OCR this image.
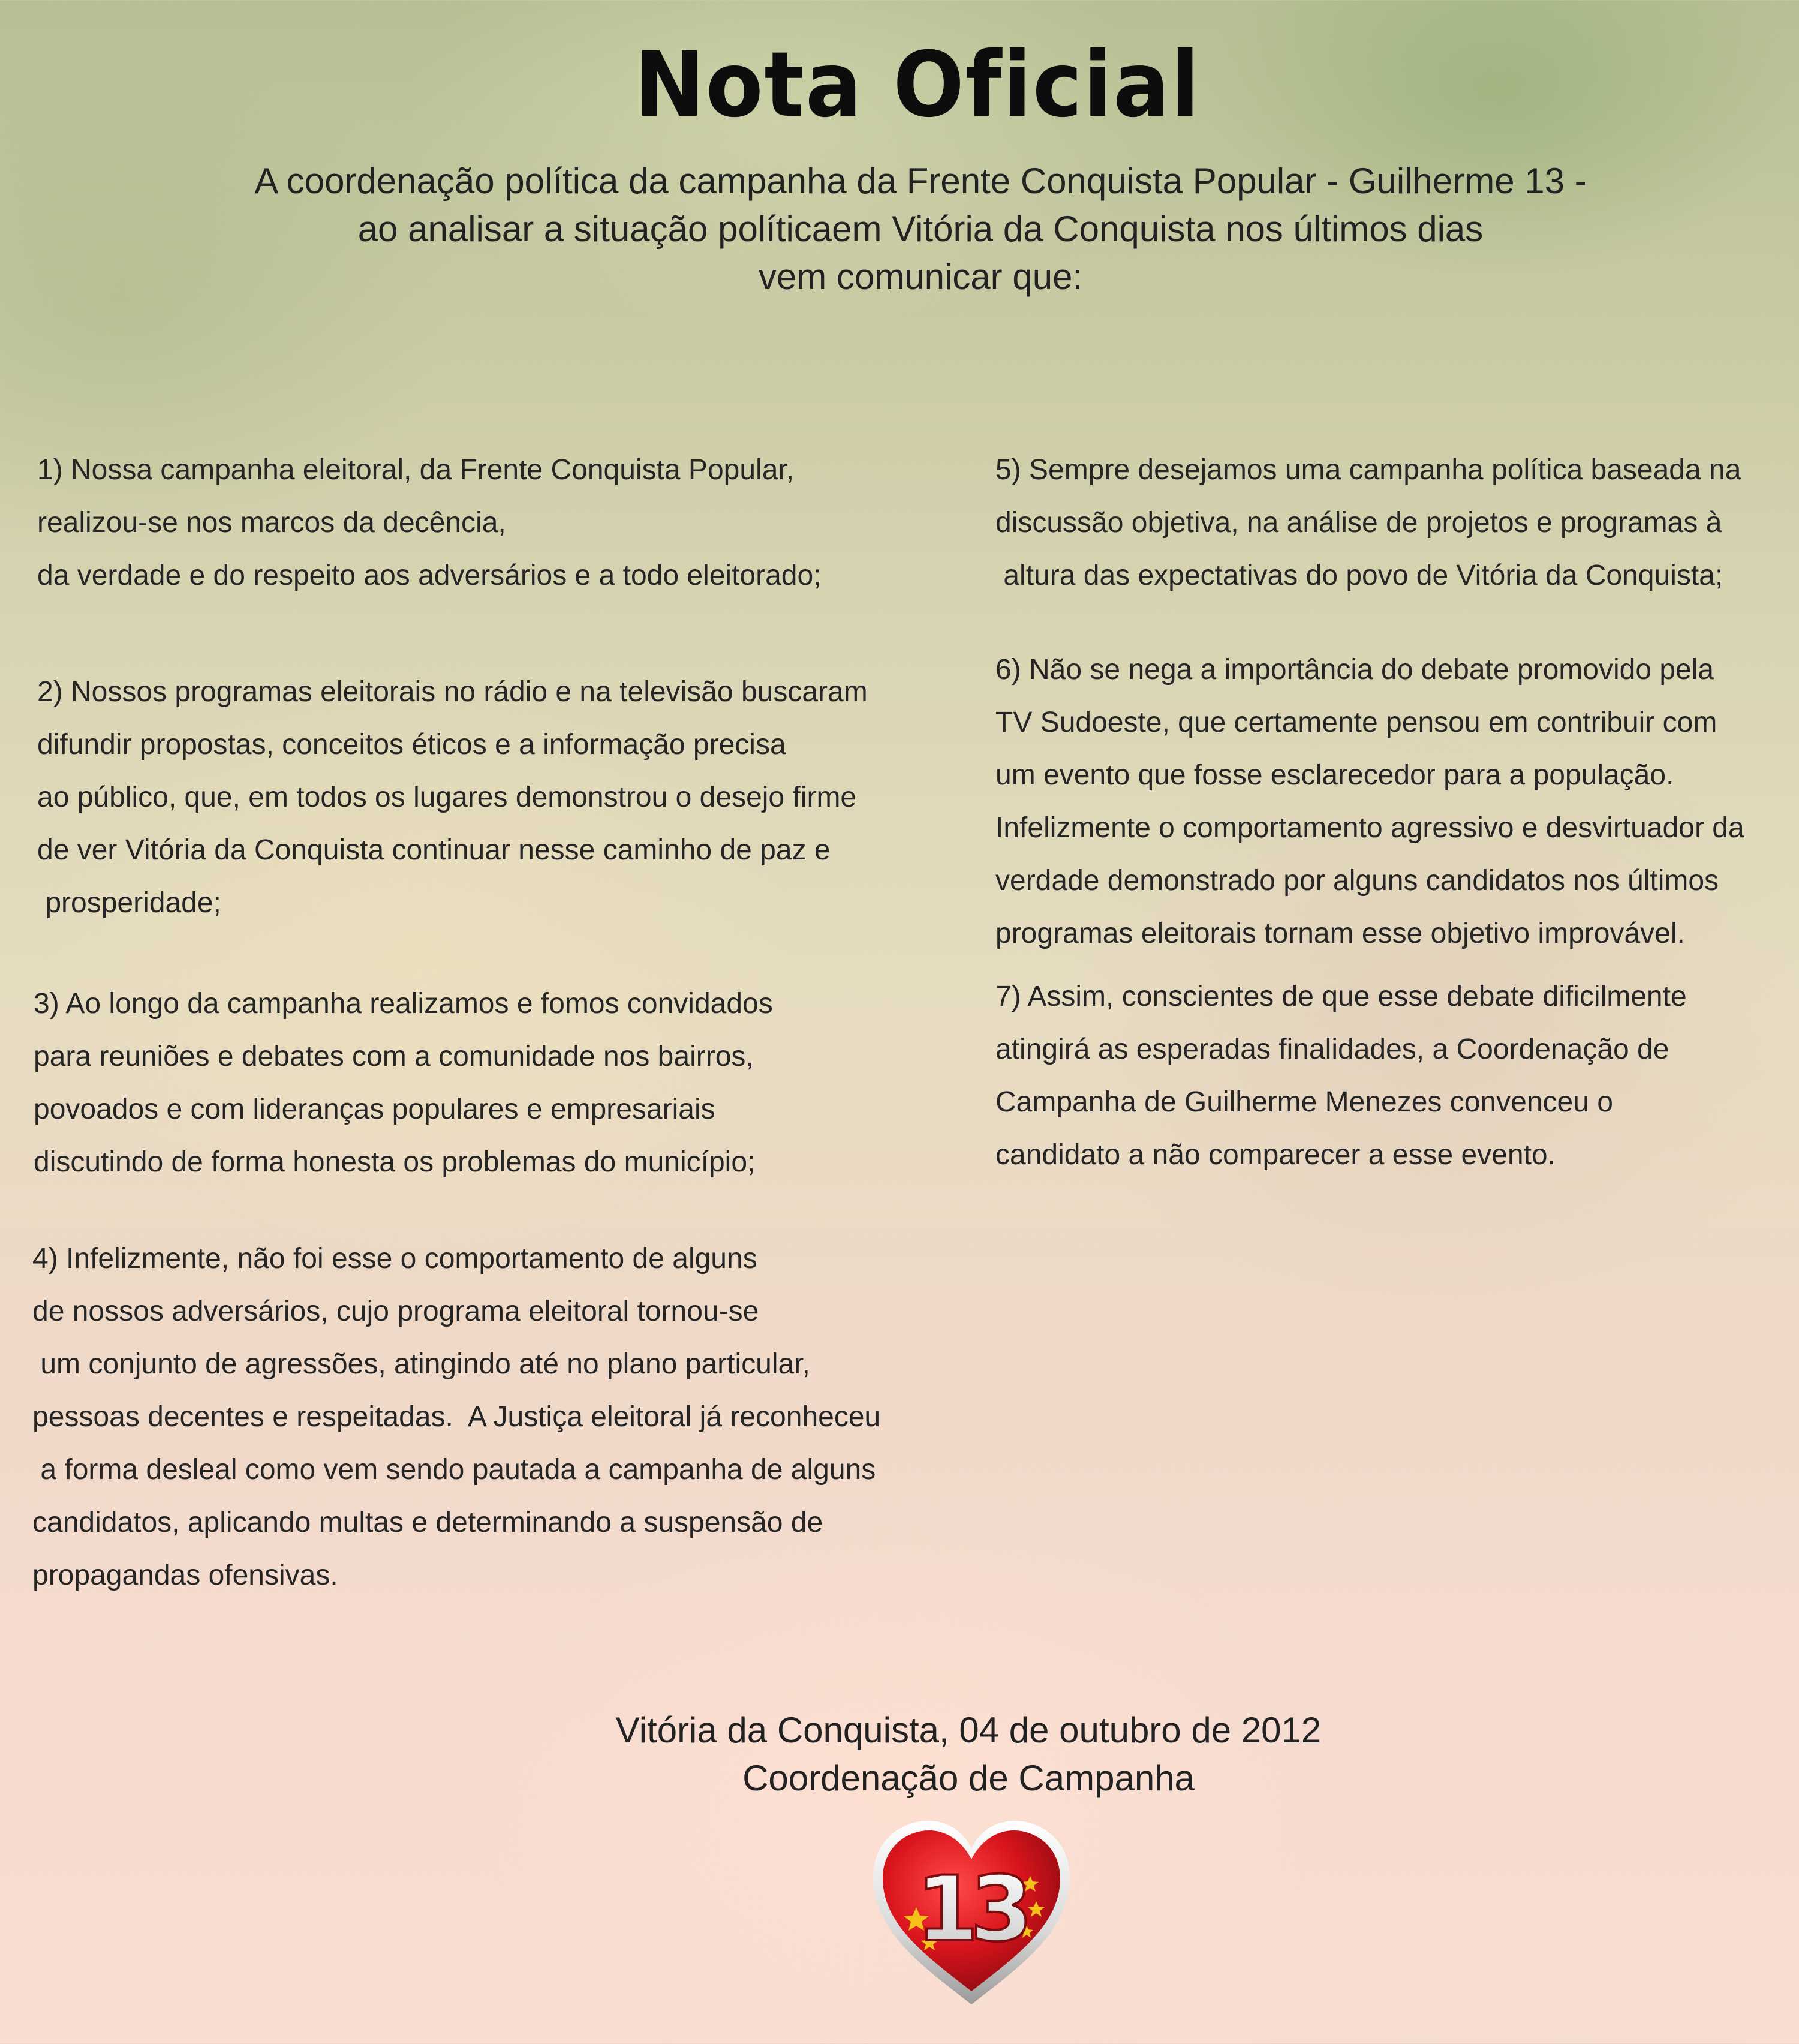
Nota Oficial
A coordenação política da campanha da Frente Conquista Popular - Guilherme 13 -
ao analisar a situação políticaem Vitória da Conquista nos últimos dias
vem comunicar que:
1) Nossa campanha eleitoral, da Frente Conquista Popular,
realizou-se nos marcos da decência,
da verdade e do respeito aos adversários e a todo eleitorado;
2) Nossos programas eleitorais no rádio e na televisão buscaram
difundir propostas, conceitos éticos e a informação precisa
ao público, que, em todos os lugares demonstrou o desejo firme
de ver Vitória da Conquista continuar nesse caminho de paz e
prosperidade;
3) Ao longo da campanha realizamos e fomos convidados
para reuniões e debates com a comunidade nos bairros,
povoados e com lideranças populares e empresariais
discutindo de forma honesta os problemas do município;
4) Infelizmente, não foi esse o comportamento de alguns
de nossos adversários, cujo programa eleitoral tornou-se
um conjunto de agressões, atingindo até no plano particular,
pessoas decentes e respeitadas.  A Justiça eleitoral já reconheceu
a forma desleal como vem sendo pautada a campanha de alguns
candidatos, aplicando multas e determinando a suspensão de
propagandas ofensivas.
5) Sempre desejamos uma campanha política baseada na
discussão objetiva, na análise de projetos e programas à
altura das expectativas do povo de Vitória da Conquista;
6) Não se nega a importância do debate promovido pela
TV Sudoeste, que certamente pensou em contribuir com
um evento que fosse esclarecedor para a população.
Infelizmente o comportamento agressivo e desvirtuador da
verdade demonstrado por alguns candidatos nos últimos
programas eleitorais tornam esse objetivo improvável.
7) Assim, conscientes de que esse debate dificilmente
atingirá as esperadas finalidades, a Coordenação de
Campanha de Guilherme Menezes convenceu o
candidato a não comparecer a esse evento.
Vitória da Conquista, 04 de outubro de 2012
Coordenação de Campanha
13
